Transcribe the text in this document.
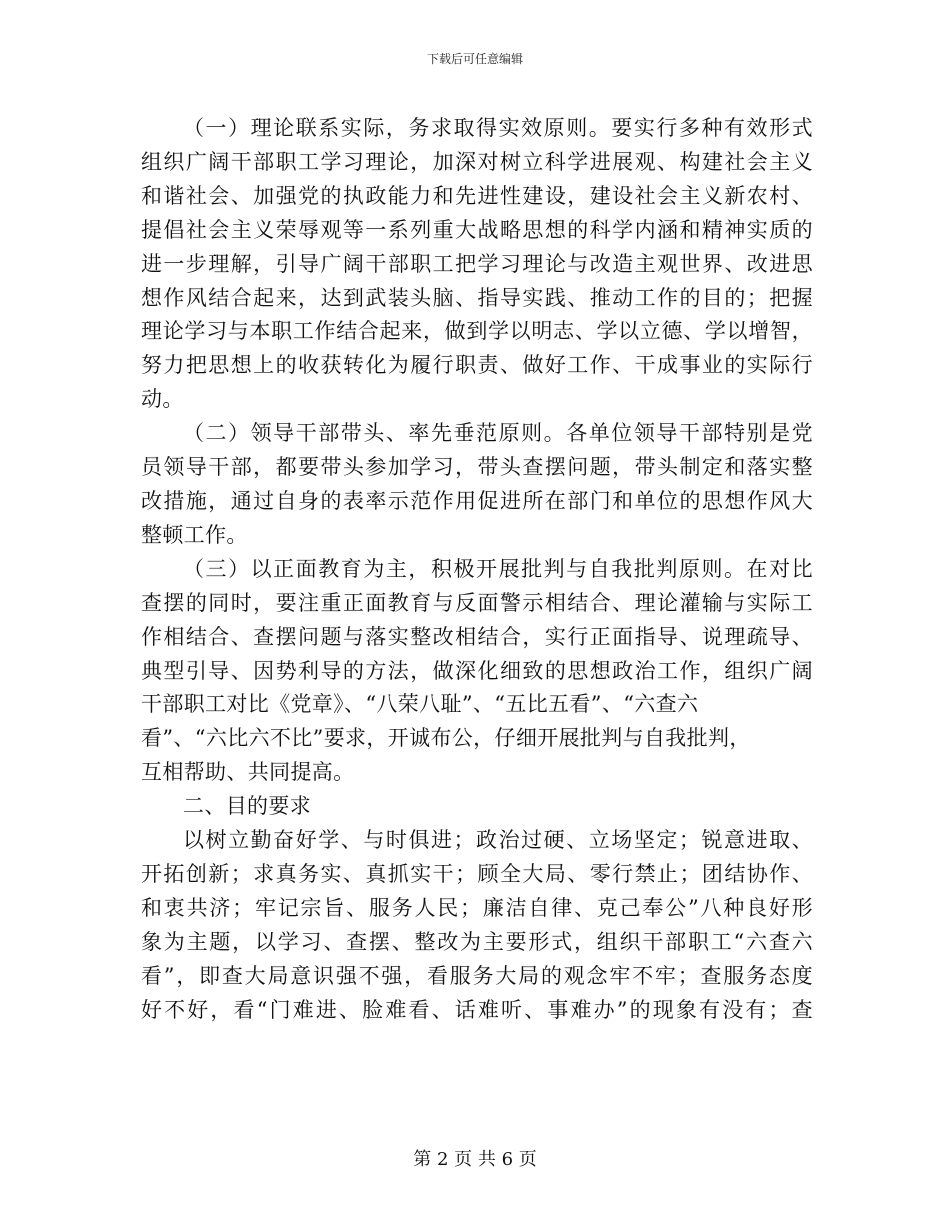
下载后可任意编辑
（一）理论联系实际，务求取得实效原则。要实行多种有效形式
组织广阔干部职工学习理论，加深对树立科学进展观、构建社会主义
和谐社会、加强党的执政能力和先进性建设，建设社会主义新农村、
提倡社会主义荣辱观等一系列重大战略思想的科学内涵和精神实质的
进一步理解，引导广阔干部职工把学习理论与改造主观世界、改进思
想作风结合起来，达到武装头脑、指导实践、推动工作的目的；把握
理论学习与本职工作结合起来，做到学以明志、学以立德、学以增智，
努力把思想上的收获转化为履行职责、做好工作、干成事业的实际行
动。
（二）领导干部带头、率先垂范原则。各单位领导干部特别是党
员领导干部，都要带头参加学习，带头查摆问题，带头制定和落实整
改措施，通过自身的表率示范作用促进所在部门和单位的思想作风大
整顿工作。
（三）以正面教育为主，积极开展批判与自我批判原则。在对比
查摆的同时，要注重正面教育与反面警示相结合、理论灌输与实际工
作相结合、查摆问题与落实整改相结合，实行正面指导、说理疏导、
典型引导、因势利导的方法，做深化细致的思想政治工作，组织广阔
干部职工对比《党章》、“八荣八耻”、“五比五看”、“六查六
看”、“六比六不比”要求，开诚布公，仔细开展批判与自我批判，
互相帮助、共同提高。
二、目的要求
以树立勤奋好学、与时俱进；政治过硬、立场坚定；锐意进取、
开拓创新；求真务实、真抓实干；顾全大局、零行禁止；团结协作、
和衷共济；牢记宗旨、服务人民；廉洁自律、克己奉公”八种良好形
象为主题，以学习、查摆、整改为主要形式，组织干部职工“六查六
看”，即查大局意识强不强，看服务大局的观念牢不牢；查服务态度
好不好，看“门难进、脸难看、话难听、事难办”的现象有没有；查
第 2 页 共 6 页
